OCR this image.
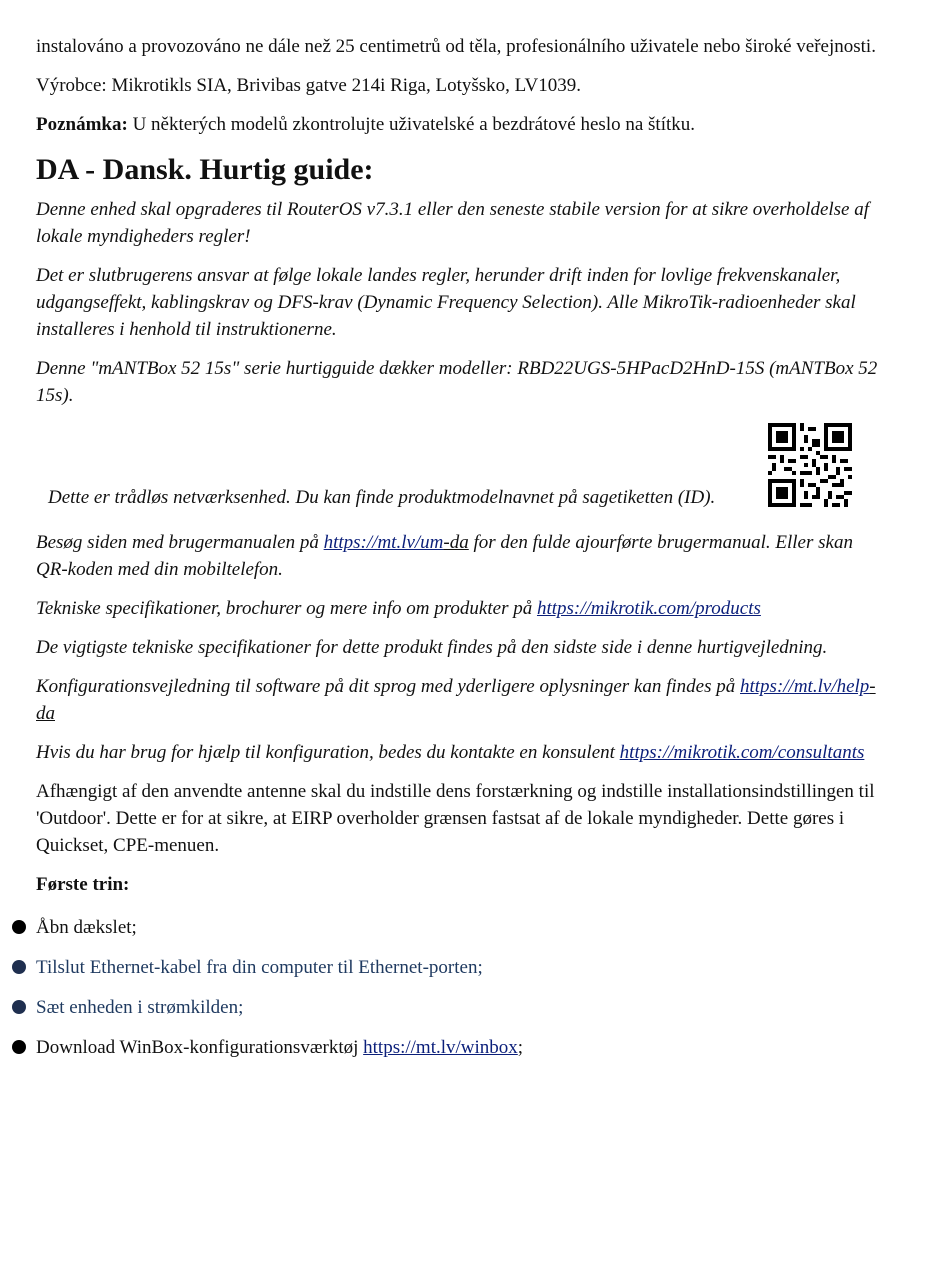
instalováno a provozováno ne dále než 25 centimetrů od těla, profesionálního uživatele nebo široké veřejnosti.

Výrobce: Mikrotikls SIA, Brivibas gatve 214i Riga, Lotyšsko, LV1039.

Poznámka: U některých modelů zkontrolujte uživatelské a bezdrátové heslo na štítku.

DA - Dansk. Hurtig guide:

Denne enhed skal opgraderes til RouterOS v7.3.1 eller den seneste stabile version for at sikre overholdelse af lokale myndigheders regler!

Det er slutbrugerens ansvar at følge lokale landes regler, herunder drift inden for lovlige frekvenskanaler, udgangseffekt, kablingskrav og DFS-krav (Dynamic Frequency Selection). Alle MikroTik-radioenheder skal installeres i henhold til instruktionerne.

Denne "mANTBox 52 15s" serie hurtigguide dækker modeller: RBD22UGS-5HPacD2HnD-15S (mANTBox 52 15s).

Dette er trådløs netværksenhed. Du kan finde produktmodelnavnet på sagetiketten (ID).

Besøg siden med brugermanualen på https://mt.lv/um-da for den fulde ajourførte brugermanual. Eller skan QR-koden med din mobiltelefon.

Tekniske specifikationer, brochurer og mere info om produkter på https://mikrotik.com/products

De vigtigste tekniske specifikationer for dette produkt findes på den sidste side i denne hurtigvejledning.

Konfigurationsvejledning til software på dit sprog med yderligere oplysninger kan findes på https://mt.lv/help-da

Hvis du har brug for hjælp til konfiguration, bedes du kontakte en konsulent https://mikrotik.com/consultants

Afhængigt af den anvendte antenne skal du indstille dens forstærkning og indstille installationsindstillingen til 'Outdoor'. Dette er for at sikre, at EIRP overholder grænsen fastsat af de lokale myndigheder. Dette gøres i Quickset, CPE-menuen.

Første trin:

Åbn dækslet;
Tilslut Ethernet-kabel fra din computer til Ethernet-porten;
Sæt enheden i strømkilden;
Download WinBox-konfigurationsværktøj https://mt.lv/winbox;
